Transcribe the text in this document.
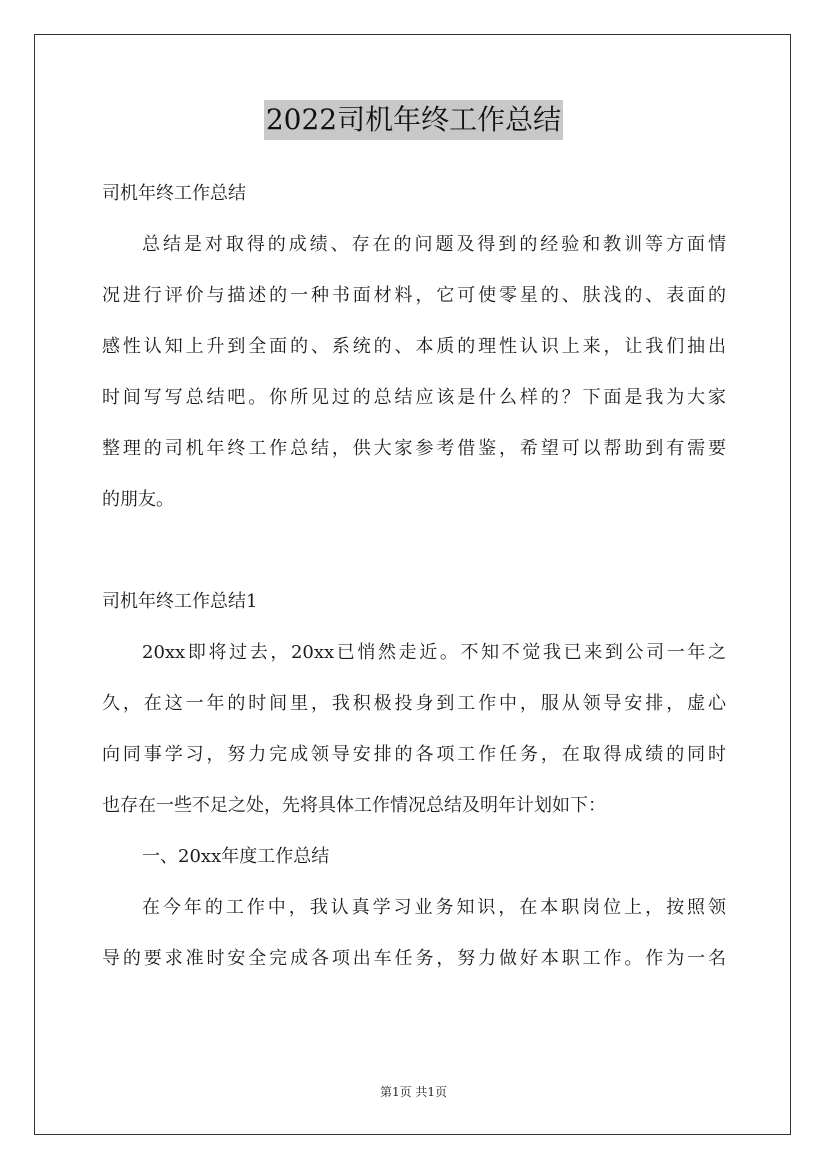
2022司机年终工作总结
司机年终工作总结
总结是对取得的成绩、存在的问题及得到的经验和教训等方面情
况进行评价与描述的一种书面材料，它可使零星的、肤浅的、表面的
感性认知上升到全面的、系统的、本质的理性认识上来，让我们抽出
时间写写总结吧。你所见过的总结应该是什么样的？下面是我为大家
整理的司机年终工作总结，供大家参考借鉴，希望可以帮助到有需要
的朋友。
司机年终工作总结1
20xx即将过去，20xx已悄然走近。不知不觉我已来到公司一年之
久，在这一年的时间里，我积极投身到工作中，服从领导安排，虚心
向同事学习，努力完成领导安排的各项工作任务，在取得成绩的同时
也存在一些不足之处，先将具体工作情况总结及明年计划如下：
一、20xx年度工作总结
在今年的工作中，我认真学习业务知识，在本职岗位上，按照领
导的要求准时安全完成各项出车任务，努力做好本职工作。作为一名
第1页 共1页
